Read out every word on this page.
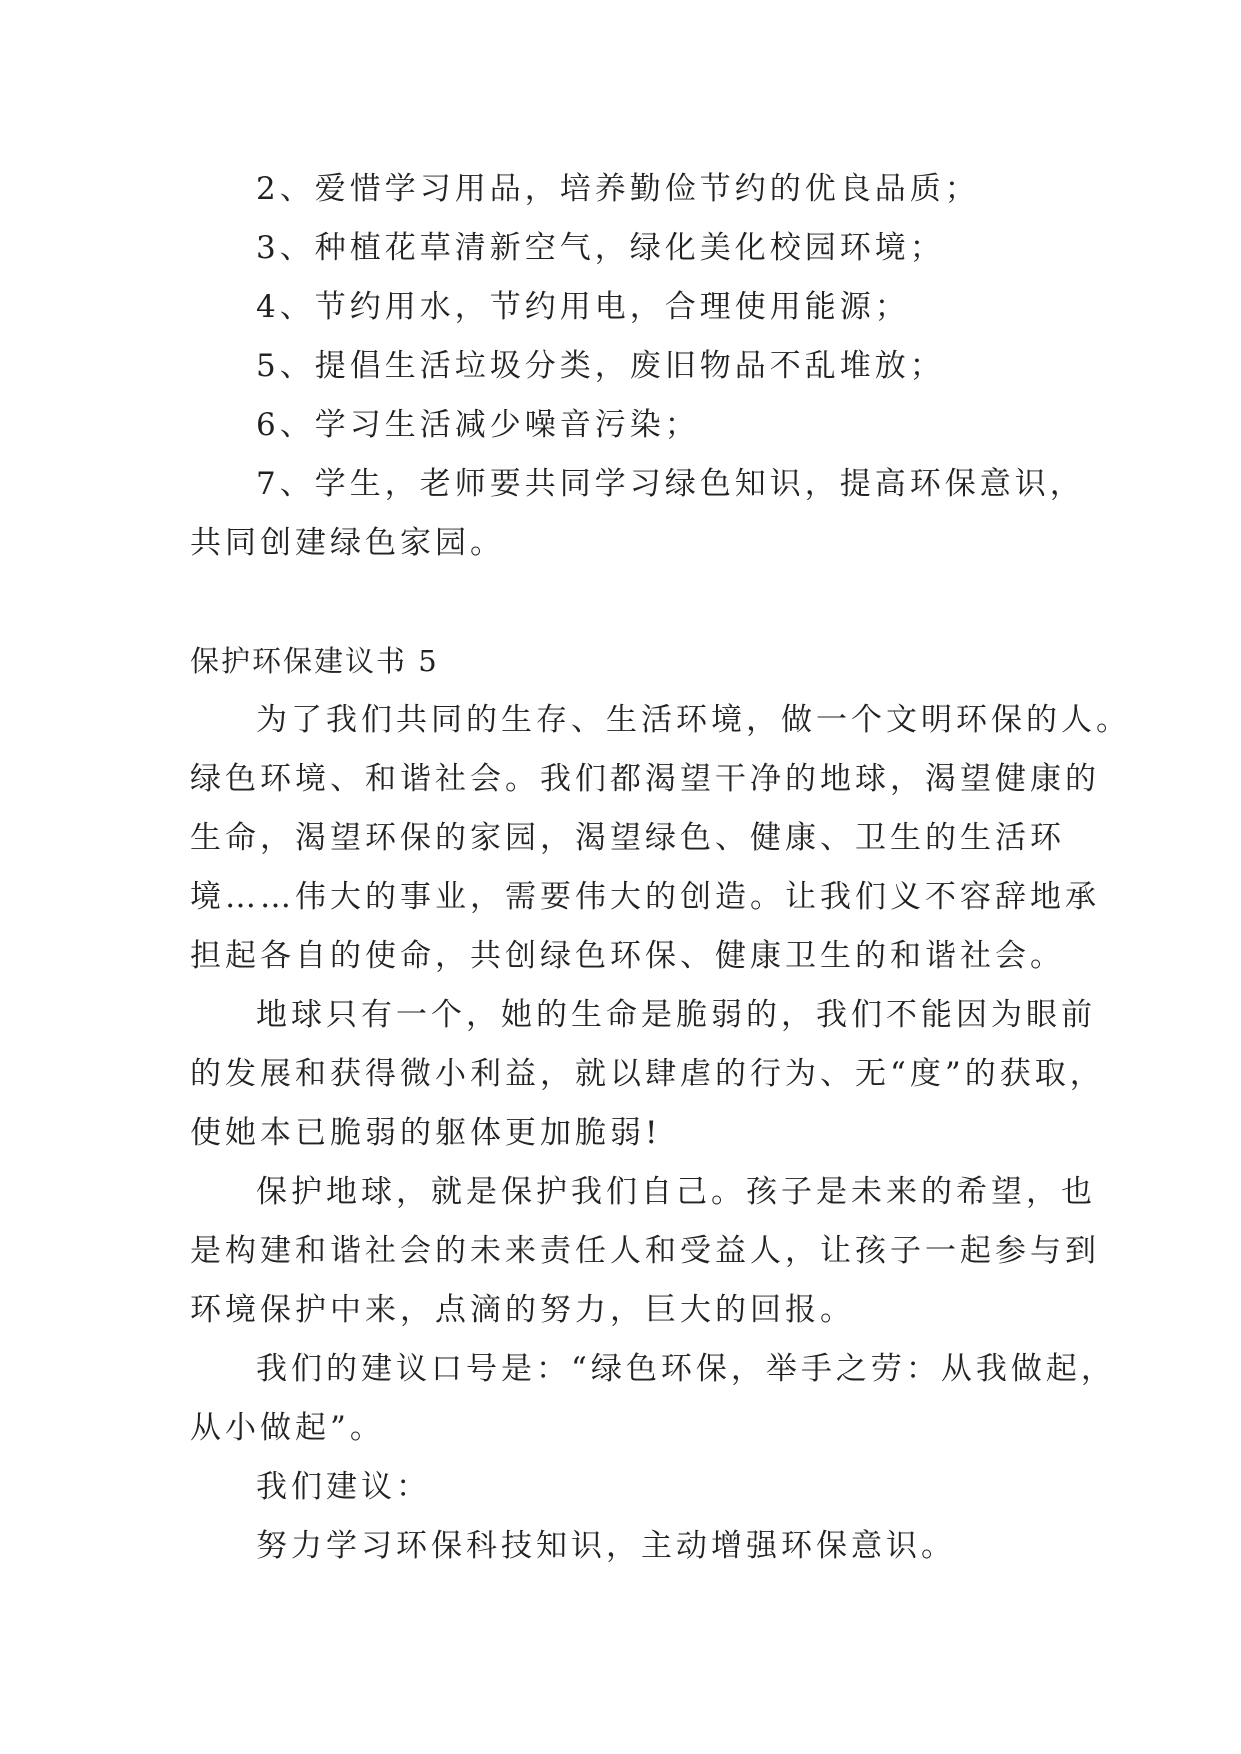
2、爱惜学习用品，培养勤俭节约的优良品质；
3、种植花草清新空气，绿化美化校园环境；
4、节约用水，节约用电，合理使用能源；
5、提倡生活垃圾分类，废旧物品不乱堆放；
6、学习生活减少噪音污染；
7、学生，老师要共同学习绿色知识，提高环保意识，
共同创建绿色家园。
保护环保建议书 5
为了我们共同的生存、生活环境，做一个文明环保的人。
绿色环境、和谐社会。我们都渴望干净的地球，渴望健康的
生命，渴望环保的家园，渴望绿色、健康、卫生的生活环
境……伟大的事业，需要伟大的创造。让我们义不容辞地承
担起各自的使命，共创绿色环保、健康卫生的和谐社会。
地球只有一个，她的生命是脆弱的，我们不能因为眼前
的发展和获得微小利益，就以肆虐的行为、无“度”的获取，
使她本已脆弱的躯体更加脆弱!
保护地球，就是保护我们自己。孩子是未来的希望，也
是构建和谐社会的未来责任人和受益人，让孩子一起参与到
环境保护中来，点滴的努力，巨大的回报。
我们的建议口号是：“绿色环保，举手之劳：从我做起，
从小做起”。
我们建议：
努力学习环保科技知识，主动增强环保意识。
